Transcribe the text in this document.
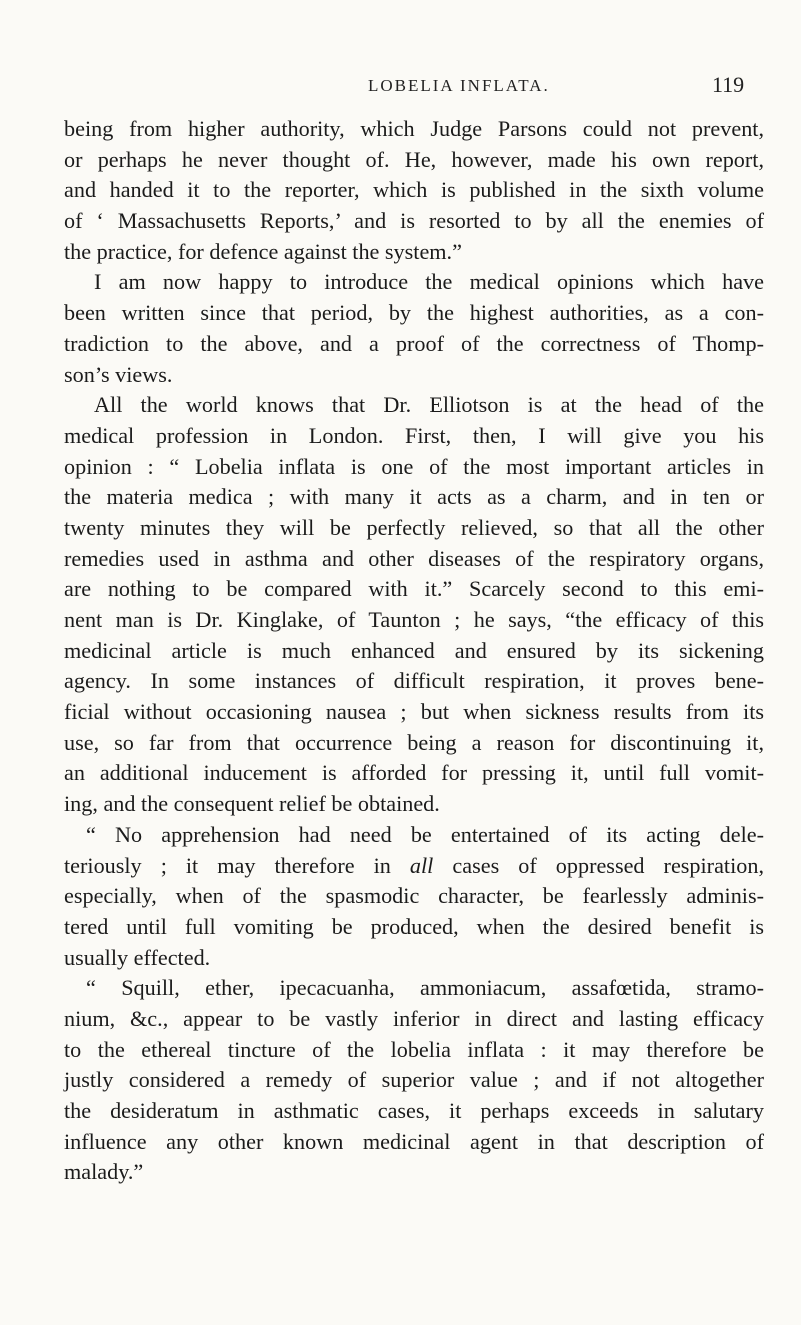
LOBELIA INFLATA.	119
being from higher authority, which Judge Parsons could not prevent,
or perhaps he never thought of. He, however, made his own report,
and handed it to the reporter, which is published in the sixth volume
of ‘ Massachusetts Reports,’ and is resorted to by all the enemies of
the practice, for defence against the system.”
I am now happy to introduce the medical opinions which have
been written since that period, by the highest authorities, as a con-
tradiction to the above, and a proof of the correctness of Thomp-
son’s views.
All the world knows that Dr. Elliotson is at the head of the
medical profession in London. First, then, I will give you his
opinion : “ Lobelia inflata is one of the most important articles in
the materia medica ; with many it acts as a charm, and in ten or
twenty minutes they will be perfectly relieved, so that all the other
remedies used in asthma and other diseases of the respiratory organs,
are nothing to be compared with it.” Scarcely second to this emi-
nent man is Dr. Kinglake, of Taunton ; he says, “the efficacy of this
medicinal article is much enhanced and ensured by its sickening
agency. In some instances of difficult respiration, it proves bene-
ficial without occasioning nausea ; but when sickness results from its
use, so far from that occurrence being a reason for discontinuing it,
an additional inducement is afforded for pressing it, until full vomit-
ing, and the consequent relief be obtained.
“ No apprehension had need be entertained of its acting dele-
teriously ; it may therefore in all cases of oppressed respiration,
especially, when of the spasmodic character, be fearlessly adminis-
tered until full vomiting be produced, when the desired benefit is
usually effected.
“ Squill, ether, ipecacuanha, ammoniacum, assafœtida, stramo-
nium, &c., appear to be vastly inferior in direct and lasting efficacy
to the ethereal tincture of the lobelia inflata : it may therefore be
justly considered a remedy of superior value ; and if not altogether
the desideratum in asthmatic cases, it perhaps exceeds in salutary
influence any other known medicinal agent in that description of
malady.”
